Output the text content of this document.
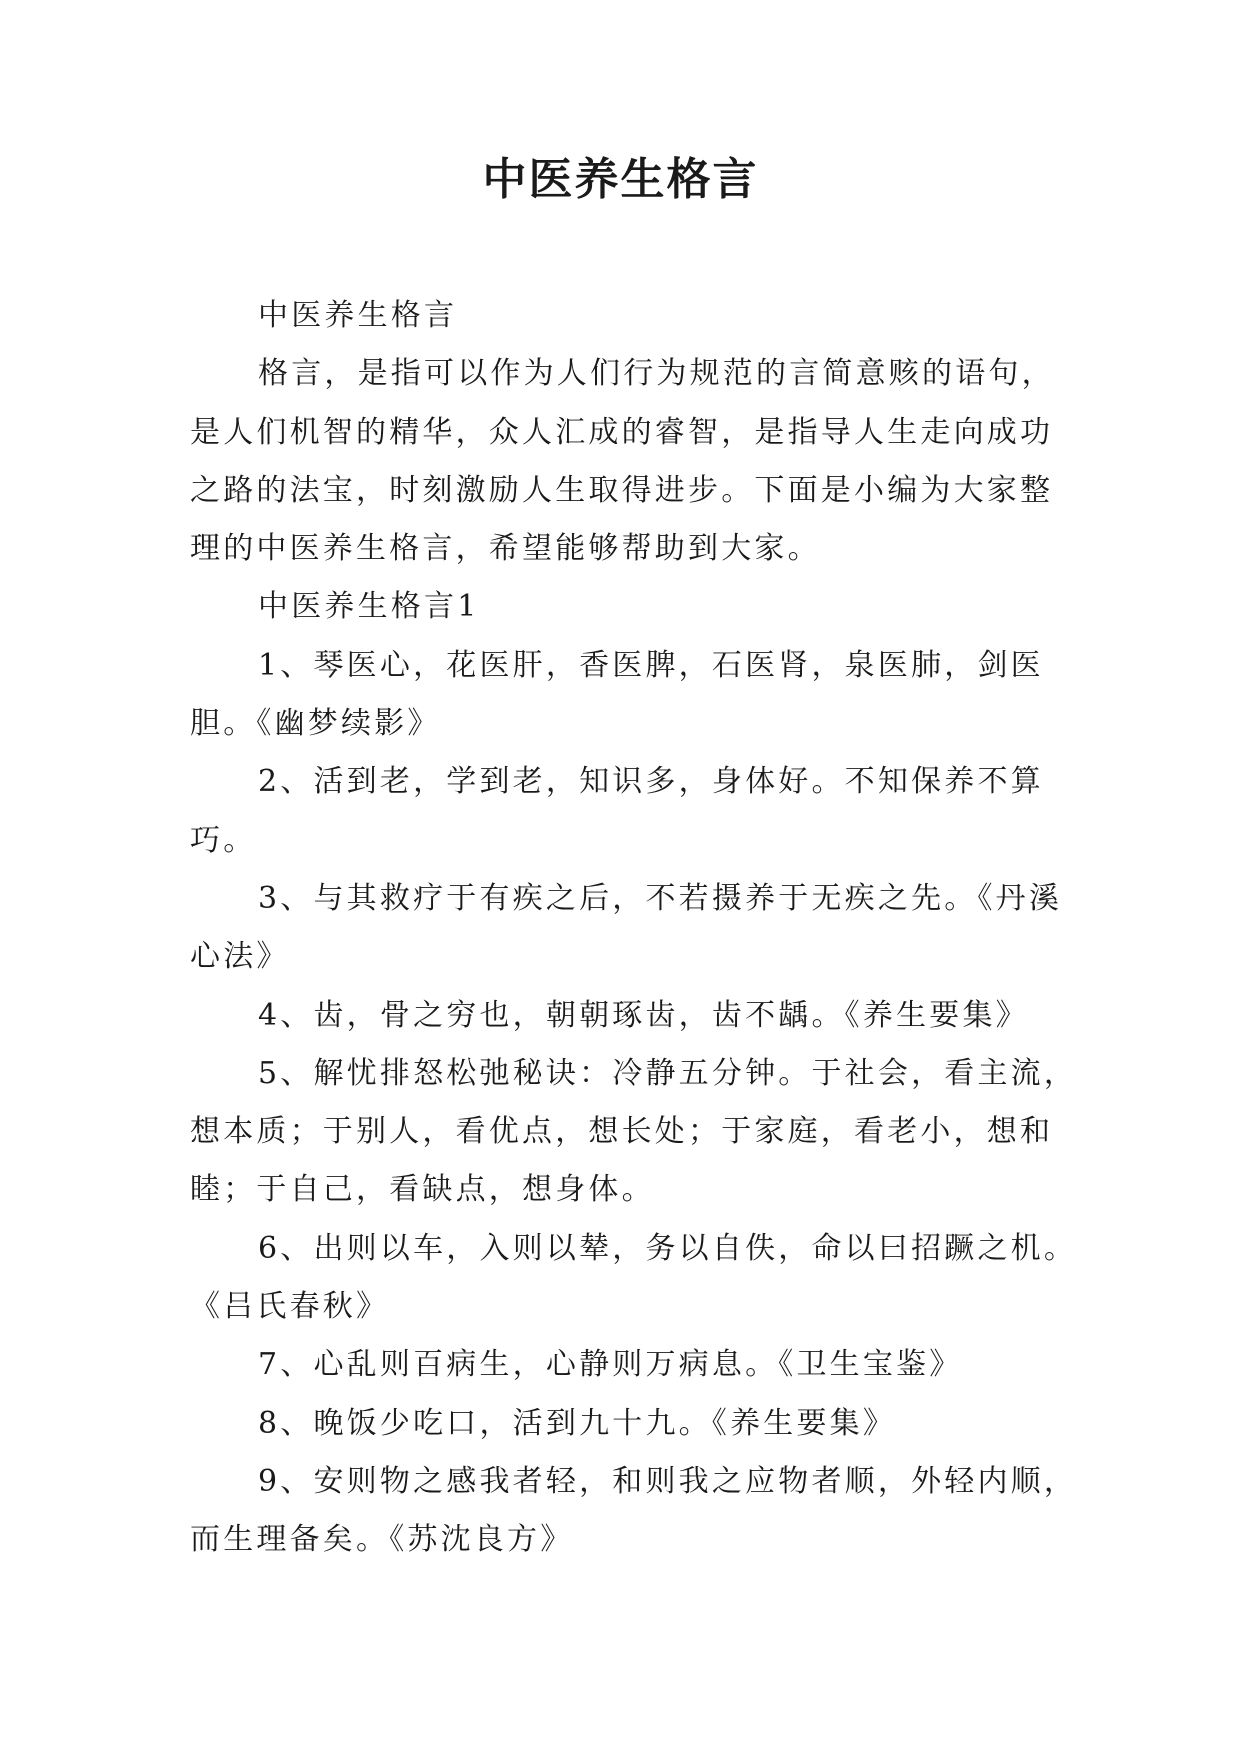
中医养生格言

中医养生格言

格言，是指可以作为人们行为规范的言简意赅的语句，是人们机智的精华，众人汇成的睿智，是指导人生走向成功之路的法宝，时刻激励人生取得进步。下面是小编为大家整理的中医养生格言，希望能够帮助到大家。

中医养生格言1

1、琴医心，花医肝，香医脾，石医肾，泉医肺，剑医胆。《幽梦续影》

2、活到老，学到老，知识多，身体好。不知保养不算巧。

3、与其救疗于有疾之后，不若摄养于无疾之先。《丹溪心法》

4、齿，骨之穷也，朝朝琢齿，齿不龋。《养生要集》

5、解忧排怒松弛秘诀：冷静五分钟。于社会，看主流，想本质；于别人，看优点，想长处；于家庭，看老小，想和睦；于自己，看缺点，想身体。

6、出则以车，入则以辇，务以自佚，命以曰招蹶之机。《吕氏春秋》

7、心乱则百病生，心静则万病息。《卫生宝鉴》

8、晚饭少吃口，活到九十九。《养生要集》

9、安则物之感我者轻，和则我之应物者顺，外轻内顺，而生理备矣。《苏沈良方》
